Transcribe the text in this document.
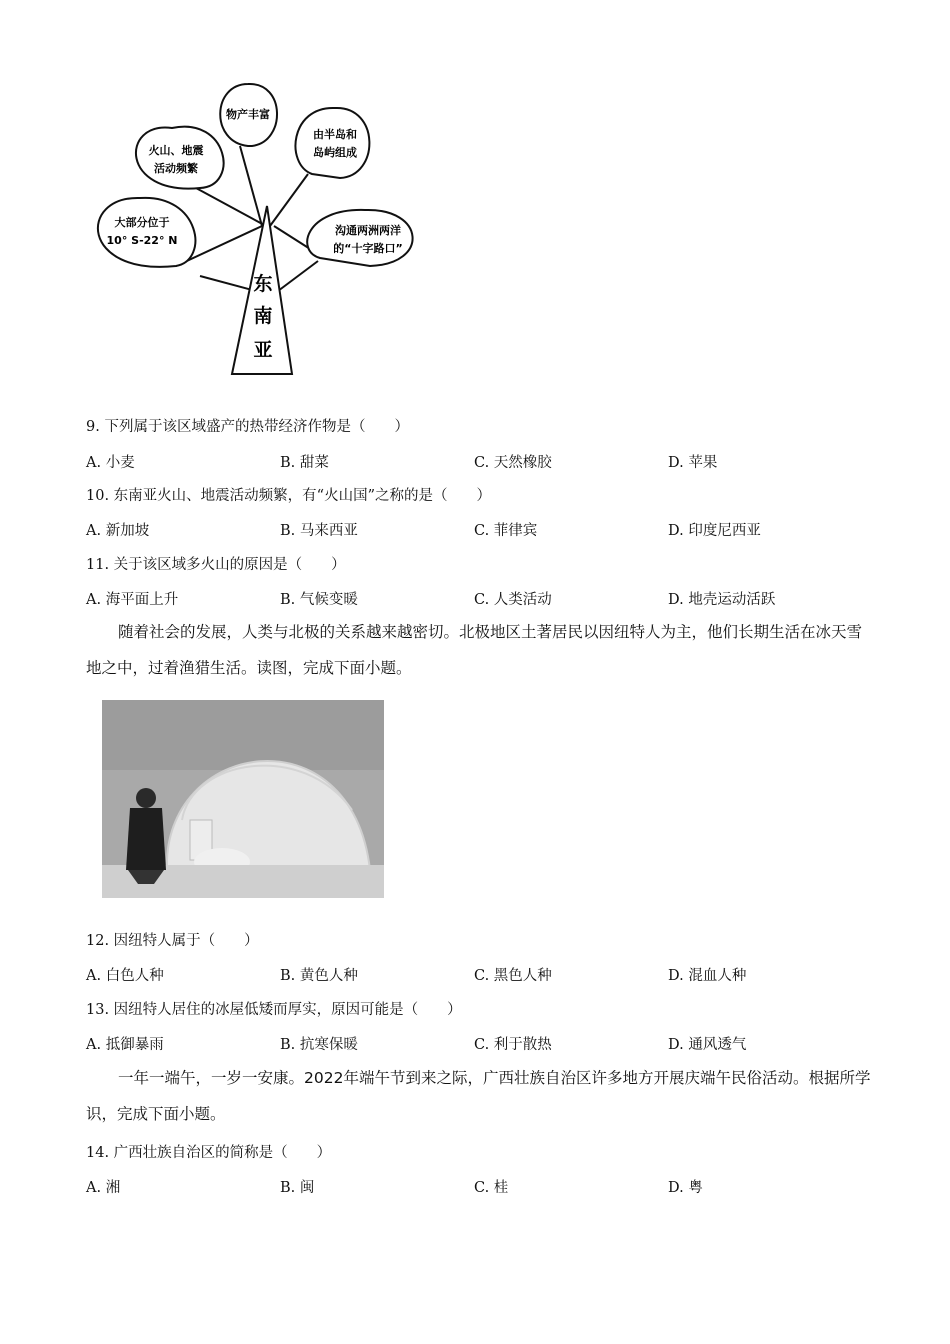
物产丰富
火山、地震
活动频繁
由半岛和
岛屿组成
大部分位于
10° S-22° N
沟通两洲两洋
的“十字路口”
东
南
亚
9. 下列属于该区域盛产的热带经济作物是（　　）
A. 小麦	B. 甜菜	C. 天然橡胶	D. 苹果
10. 东南亚火山、地震活动频繁，有“火山国”之称的是（　　）
A. 新加坡	B. 马来西亚	C. 菲律宾	D. 印度尼西亚
11. 关于该区域多火山的原因是（　　）
A. 海平面上升	B. 气候变暖	C. 人类活动	D. 地壳运动活跃
随着社会的发展，人类与北极的关系越来越密切。北极地区土著居民以因纽特人为主，他们长期生活在冰天雪地之中，过着渔猎生活。读图，完成下面小题。
12. 因纽特人属于（　　）
A. 白色人种	B. 黄色人种	C. 黑色人种	D. 混血人种
13. 因纽特人居住的冰屋低矮而厚实，原因可能是（　　）
A. 抵御暴雨	B. 抗寒保暖	C. 利于散热	D. 通风透气
一年一端午，一岁一安康。2022年端午节到来之际，广西壮族自治区许多地方开展庆端午民俗活动。根据所学识，完成下面小题。
14. 广西壮族自治区的简称是（　　）
A. 湘	B. 闽	C. 桂	D. 粤
